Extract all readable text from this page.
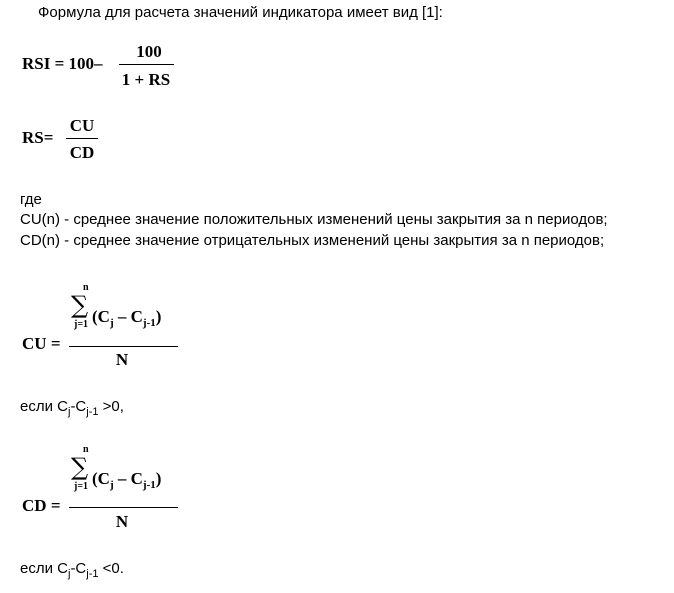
Формула для расчета значений индикатора имеет вид [1]:
RSI = 100–
100
1 + RS
RS=
CU
CD
где
CU(n) - среднее значение положительных изменений цены закрытия за n периодов;
CD(n) - среднее значение отрицательных изменений цены закрытия за n периодов;
CU =
n
∑
j=1 $(C_j - C_{j-1})$
N
если $C_j-C_{j-1} >0$,
CD =
n
∑
j=1 $(C_j - C_{j-1})$
N
если $C_j-C_{j-1} <0$.
